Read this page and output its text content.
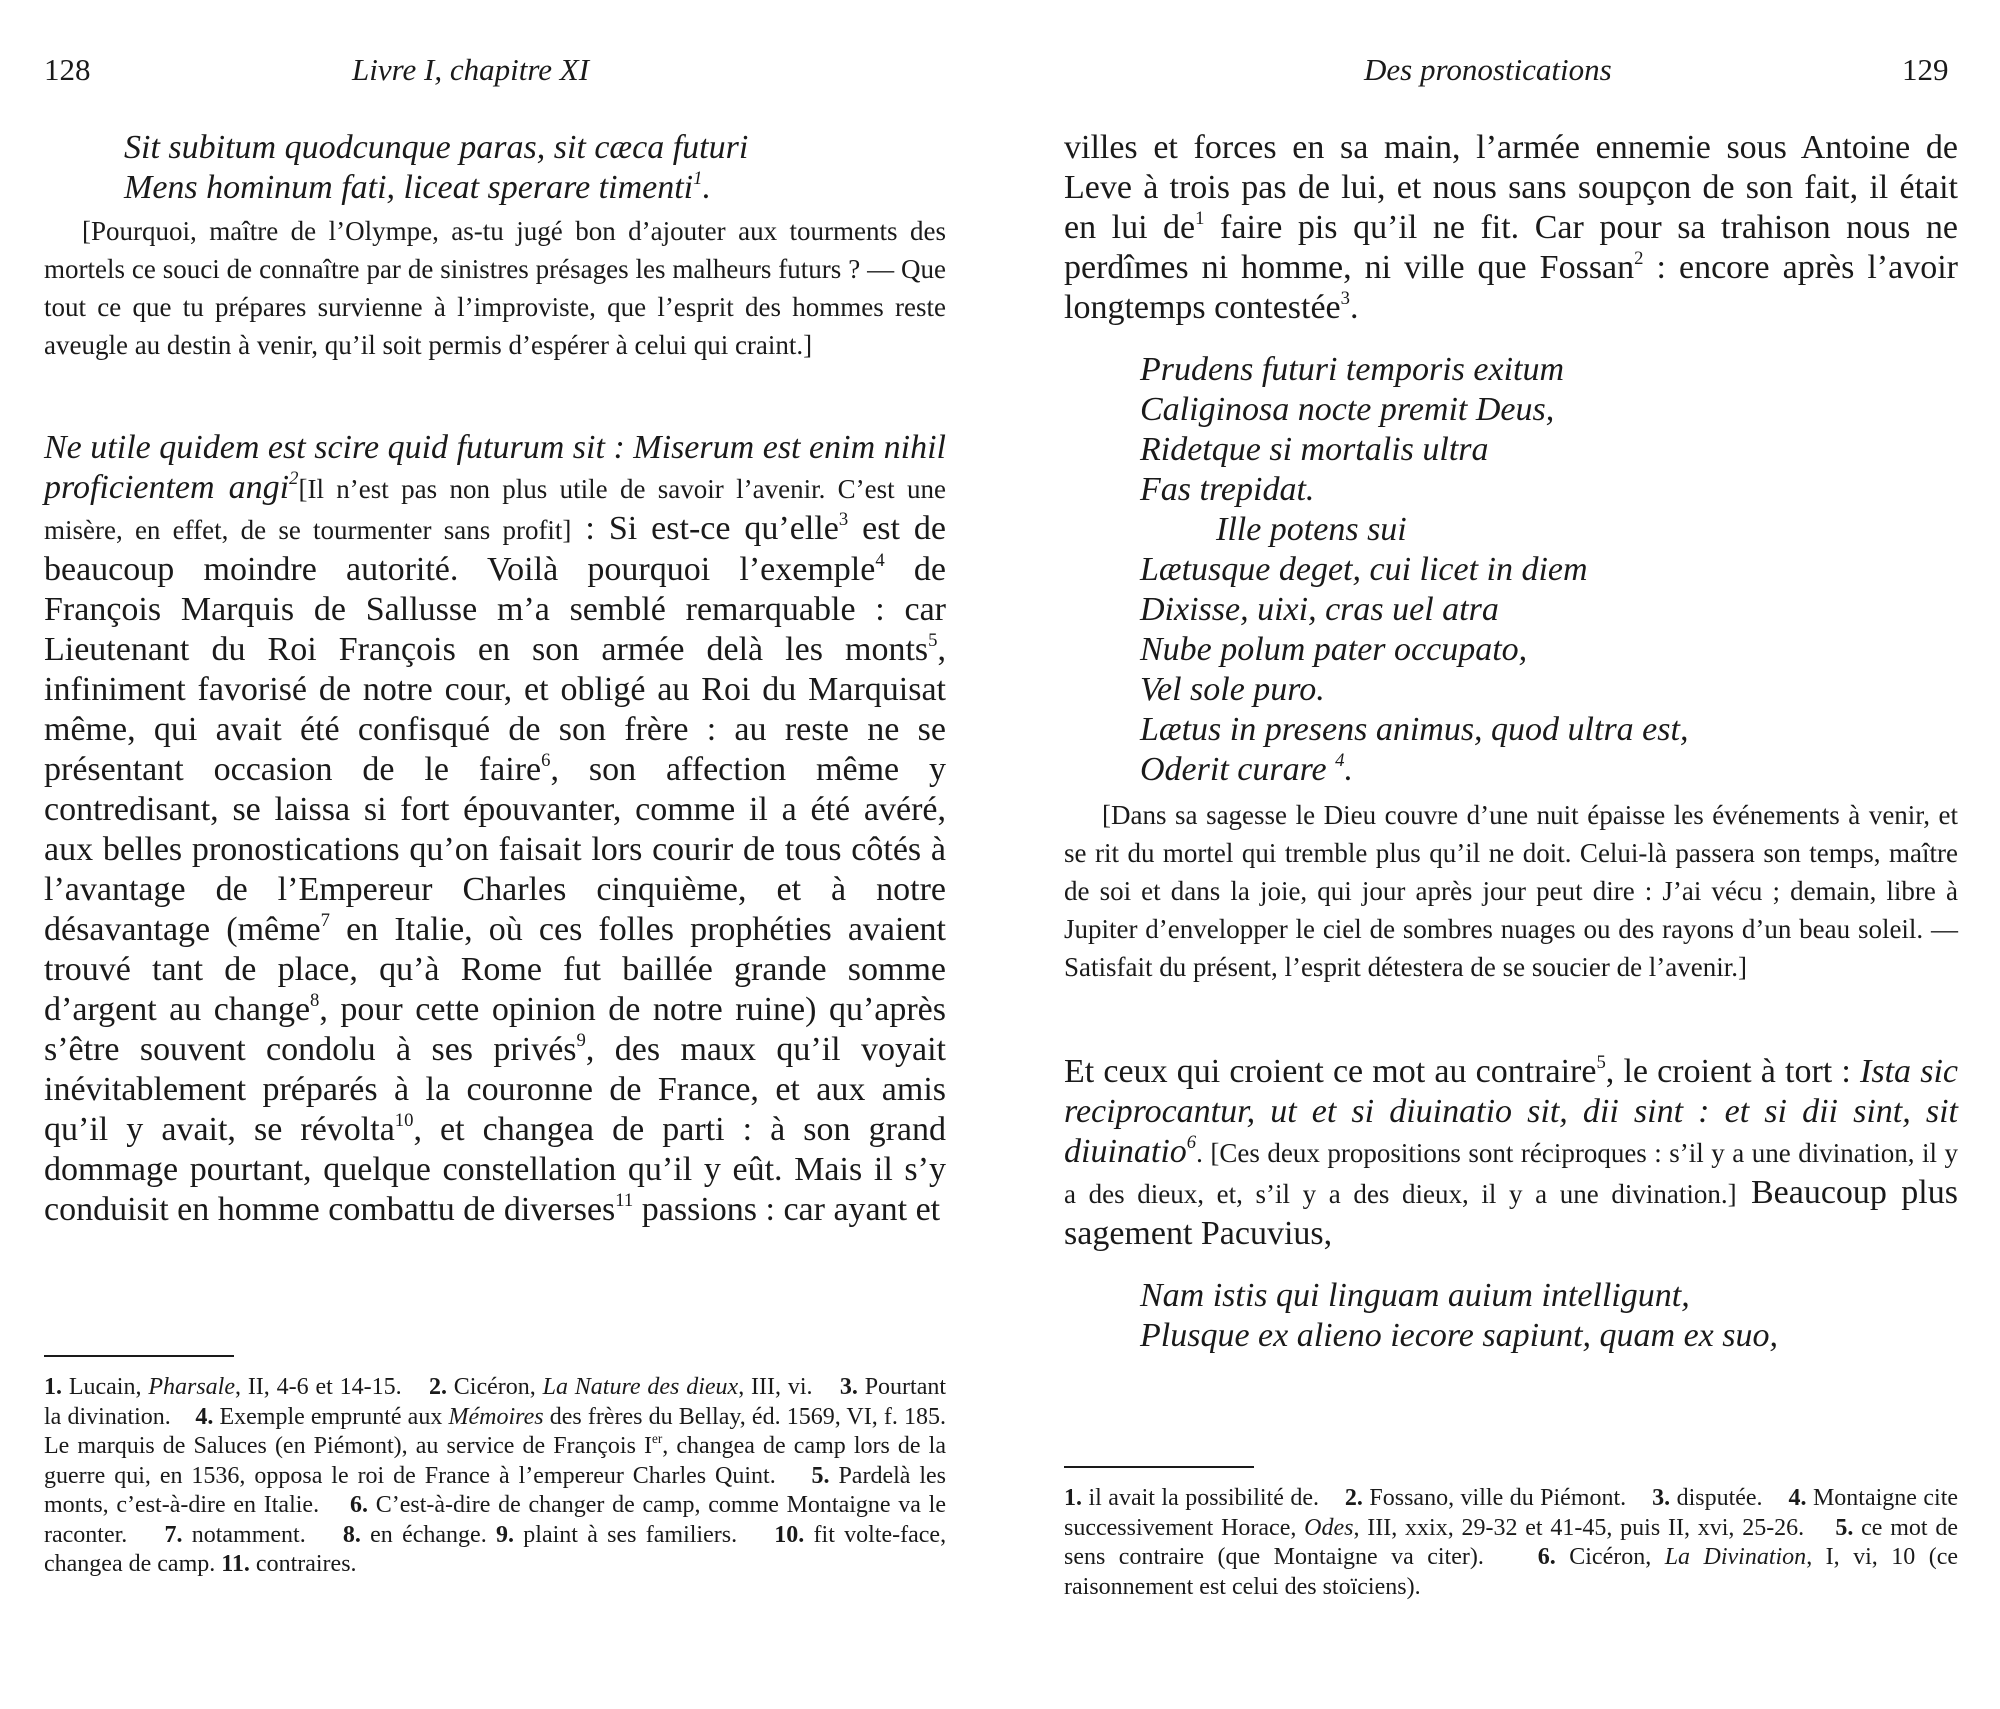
128	Livre I, chapitre XI
Sit subitum quodcunque paras, sit cæca futuri
Mens hominum fati, liceat sperare timenti$^1$.

[Pourquoi, maître de l’Olympe, as-tu jugé bon d’ajouter aux tourments des mortels ce souci de connaître par de sinistres présages les malheurs futurs ? — Que tout ce que tu prépares survienne à l’improviste, que l’esprit des hommes reste aveugle au destin à venir, qu’il soit permis d’espérer à celui qui craint.]

Ne utile quidem est scire quid futurum sit : Miserum est enim nihil proficientem angi$^2$[Il n’est pas non plus utile de savoir l’avenir. C’est une misère, en effet, de se tourmenter sans profit] : Si est-ce qu’elle$^3$ est de beaucoup moindre autorité. Voilà pourquoi l’exemple$^4$ de François Marquis de Sallusse m’a semblé remarquable : car Lieutenant du Roi François en son armée delà les monts$^5$, infiniment favorisé de notre cour, et obligé au Roi du Marquisat même, qui avait été confisqué de son frère : au reste ne se présentant occasion de le faire$^6$, son affection même y contredisant, se laissa si fort épouvanter, comme il a été avéré, aux belles pronostications qu’on faisait lors courir de tous côtés à l’avantage de l’Empereur Charles cinquième, et à notre désavantage (même$^7$ en Italie, où ces folles prophéties avaient trouvé tant de place, qu’à Rome fut baillée grande somme d’argent au change$^8$, pour cette opinion de notre ruine) qu’après s’être souvent condolu à ses privés$^9$, des maux qu’il voyait inévitablement préparés à la couronne de France, et aux amis qu’il y avait, se révolta$^{10}$, et changea de parti : à son grand dommage pourtant, quelque constellation qu’il y eût. Mais il s’y conduisit en homme combattu de diverses$^{11}$ passions : car ayant et

1. Lucain, Pharsale, II, 4-6 et 14-15. 2. Cicéron, La Nature des dieux, III, vi. 3. Pourtant la divination. 4. Exemple emprunté aux Mémoires des frères du Bellay, éd. 1569, VI, f. 185. Le marquis de Saluces (en Piémont), au service de François Ier, changea de camp lors de la guerre qui, en 1536, opposa le roi de France à l’empereur Charles Quint. 5. Pardelà les monts, c’est-à-dire en Italie. 6. C’est-à-dire de changer de camp, comme Montaigne va le raconter. 7. notamment. 8. en échange. 9. plaint à ses familiers. 10. fit volte-face, changea de camp. 11. contraires.
Des pronostications	129

villes et forces en sa main, l’armée ennemie sous Antoine de Leve à trois pas de lui, et nous sans soupçon de son fait, il était en lui $de^1$ faire pis qu’il ne fit. Car pour sa trahison nous ne perdîmes ni homme, ni ville que Fossan$^2$ : encore après l’avoir longtemps contestée$^3$.

Prudens futuri temporis exitum
Caliginosa nocte premit Deus,
Ridetque si mortalis ultra
Fas trepidat.
Ille potens sui
Lætusque deget, cui licet in diem
Dixisse, uixi, cras uel atra
Nube polum pater occupato,
Vel sole puro.
Lætus in presens animus, quod ultra est,
Oderit curare $^4$.

[Dans sa sagesse le Dieu couvre d’une nuit épaisse les événements à venir, et se rit du mortel qui tremble plus qu’il ne doit. Celui-là passera son temps, maître de soi et dans la joie, qui jour après jour peut dire : J’ai vécu ; demain, libre à Jupiter d’envelopper le ciel de sombres nuages ou des rayons d’un beau soleil. — Satisfait du présent, l’esprit détestera de se soucier de l’avenir.]

Et ceux qui croient ce mot au contraire$^5$, le croient à tort : Ista sic reciprocantur, ut et si diuinatio sit, dii sint : et si dii sint, sit diuinatio$^6$. [Ces deux propositions sont réciproques : s’il y a une divination, il y a des dieux, et, s’il y a des dieux, il y a une divination.] Beaucoup plus sagement Pacuvius,

Nam istis qui linguam auium intelligunt,
Plusque ex alieno iecore sapiunt, quam ex suo,
1. il avait la possibilité de. 2. Fossano, ville du Piémont. 3. disputée. 4. Montaigne cite successivement Horace, Odes, III, xxix, 29-32 et 41-45, puis II, xvi, 25-26. 5. ce mot de sens contraire (que Montaigne va citer). 6. Cicéron, La Divination, I, vi, 10 (ce raisonnement est celui des stoïciens).
